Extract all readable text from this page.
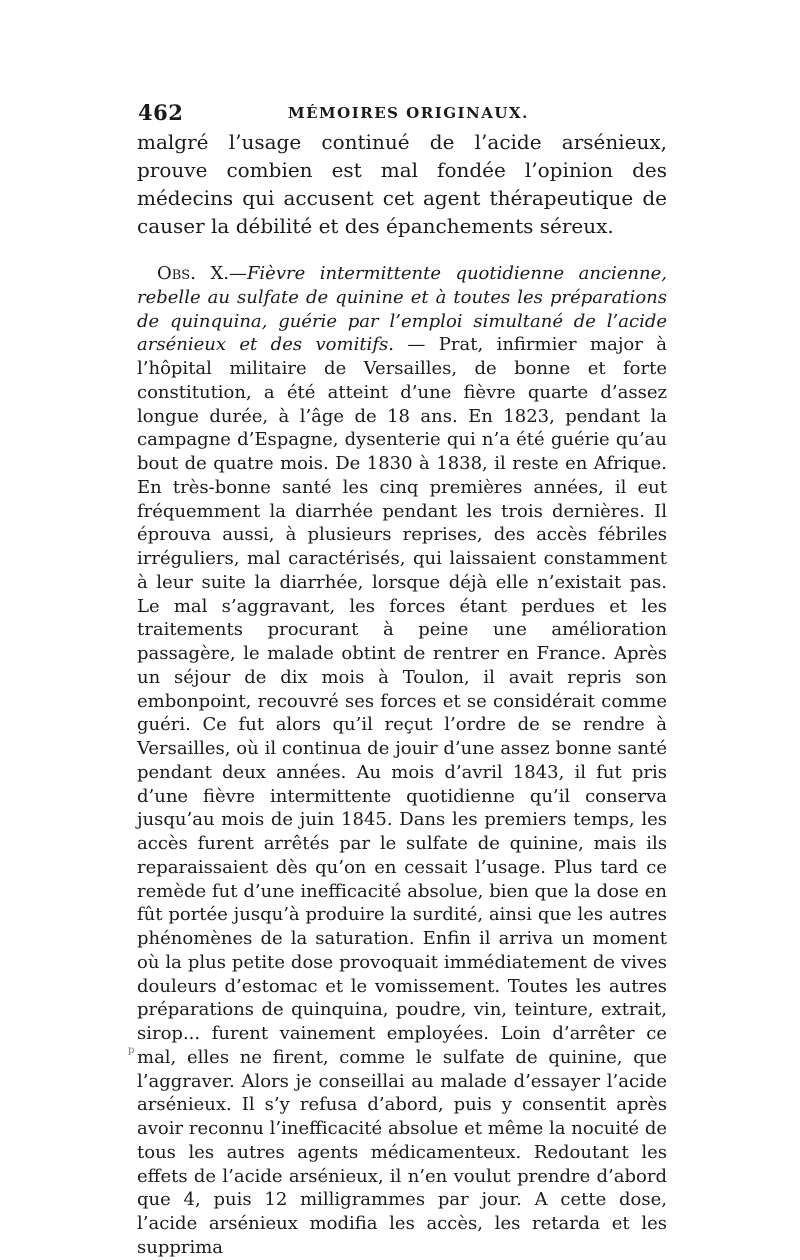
462	MÉMOIRES ORIGINAUX.

malgré l’usage continué de l’acide arsénieux, prouve combien est mal fondée l’opinion des médecins qui accusent cet agent thérapeutique de causer la débilité et des épanchements séreux.

Obs. X.—Fièvre intermittente quotidienne ancienne, rebelle au sulfate de quinine et à toutes les préparations de quinquina, guérie par l’emploi simultané de l’acide arsénieux et des vomitifs. — Prat, infirmier major à l’hôpital militaire de Versailles, de bonne et forte constitution, a été atteint d’une fièvre quarte d’assez longue durée, à l’âge de 18 ans. En 1823, pendant la campagne d’Espagne, dysenterie qui n’a été guérie qu’au bout de quatre mois. De 1830 à 1838, il reste en Afrique. En très-bonne santé les cinq premières années, il eut fréquemment la diarrhée pendant les trois dernières. Il éprouva aussi, à plusieurs reprises, des accès fébriles irréguliers, mal caractérisés, qui laissaient constamment à leur suite la diarrhée, lorsque déjà elle n’existait pas. Le mal s’aggravant, les forces étant perdues et les traitements procurant à peine une amélioration passagère, le malade obtint de rentrer en France. Après un séjour de dix mois à Toulon, il avait repris son embonpoint, recouvré ses forces et se considérait comme guéri. Ce fut alors qu’il reçut l’ordre de se rendre à Versailles, où il continua de jouir d’une assez bonne santé pendant deux années. Au mois d’avril 1843, il fut pris d’une fièvre intermittente quotidienne qu’il conserva jusqu’au mois de juin 1845. Dans les premiers temps, les accès furent arrêtés par le sulfate de quinine, mais ils reparaissaient dès qu’on en cessait l’usage. Plus tard ce remède fut d’une inefficacité absolue, bien que la dose en fût portée jusqu’à produire la surdité, ainsi que les autres phénomènes de la saturation. Enfin il arriva un moment où la plus petite dose provoquait immédiatement de vives douleurs d’estomac et le vomissement. Toutes les autres préparations de quinquina, poudre, vin, teinture, extrait, sirop... furent vainement employées. Loin d’arrêter ce mal, elles ne firent, comme le sulfate de quinine, que l’aggraver. Alors je conseillai au malade d’essayer l’acide arsénieux. Il s’y refusa d’abord, puis y consentit après avoir reconnu l’inefficacité absolue et même la nocuité de tous les autres agents médicamenteux. Redoutant les effets de l’acide arsénieux, il n’en voulut prendre d’abord que 4, puis 12 milligrammes par jour. A cette dose, l’acide arsénieux modifia les accès, les retarda et les supprima

p
